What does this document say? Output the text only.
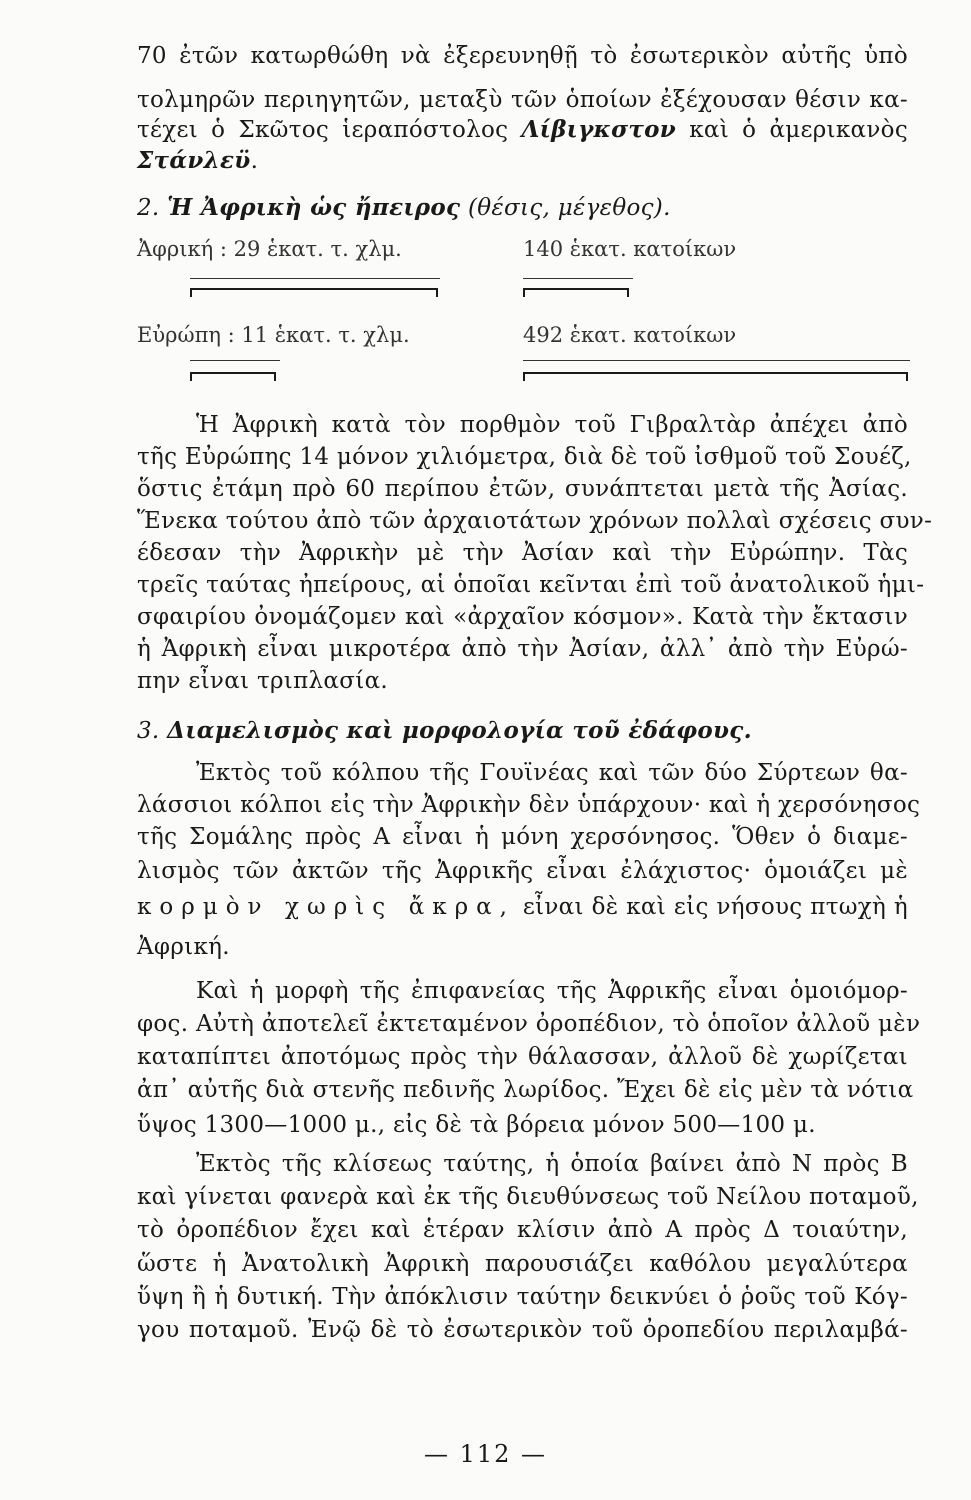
70 ἐτῶν κατωρθώθη νὰ ἐξερευνηθῇ τὸ ἐσωτερικὸν αὐτῆς ὑπὸ
τολμηρῶν περιηγητῶν, μεταξὺ τῶν ὁποίων ἐξέχουσαν θέσιν κα-
τέχει ὁ Σκῶτος ἱεραπόστολος Λίβιγκστον καὶ ὁ ἀμερικανὸς
Στάνλεϋ.
2. Ἡ Ἀφρικὴ ὡς ἤπειρος (θέσις, μέγεθος).
Ἀφρική : 29 ἑκατ. τ. χλμ.	140 ἑκατ. κατοίκων
Εὐρώπη : 11 ἑκατ. τ. χλμ.	492 ἑκατ. κατοίκων
Ἡ Ἀφρικὴ κατὰ τὸν πορθμὸν τοῦ Γιβραλτὰρ ἀπέχει ἀπὸ
τῆς Εὐρώπης 14 μόνον χιλιόμετρα, διὰ δὲ τοῦ ἰσθμοῦ τοῦ Σουέζ,
ὅστις ἐτάμη πρὸ 60 περίπου ἐτῶν, συνάπτεται μετὰ τῆς Ἀσίας.
Ἕνεκα τούτου ἀπὸ τῶν ἀρχαιοτάτων χρόνων πολλαὶ σχέσεις συν-
έδεσαν τὴν Ἀφρικὴν μὲ τὴν Ἀσίαν καὶ τὴν Εὐρώπην. Τὰς
τρεῖς ταύτας ἠπείρους, αἱ ὁποῖαι κεῖνται ἐπὶ τοῦ ἀνατολικοῦ ἡμι-
σφαιρίου ὀνομάζομεν καὶ «ἀρχαῖον κόσμον». Κατὰ τὴν ἔκτασιν
ἡ Ἀφρικὴ εἶναι μικροτέρα ἀπὸ τὴν Ἀσίαν, ἀλλ᾿ ἀπὸ τὴν Εὐρώ-
πην εἶναι τριπλασία.
3. Διαμελισμὸς καὶ μορφολογία τοῦ ἐδάφους.
Ἐκτὸς τοῦ κόλπου τῆς Γουϊνέας καὶ τῶν δύο Σύρτεων θα-
λάσσιοι κόλποι εἰς τὴν Ἀφρικὴν δὲν ὑπάρχουν· καὶ ἡ χερσόνησος
τῆς Σομάλης πρὸς Α εἶναι ἡ μόνη χερσόνησος. Ὅθεν ὁ διαμε-
λισμὸς τῶν ἀκτῶν τῆς Ἀφρικῆς εἶναι ἐλάχιστος· ὁμοιάζει μὲ
κορμὸν χωρὶς ἄκρα, εἶναι δὲ καὶ εἰς νήσους πτωχὴ ἡ
Ἀφρική.
Καὶ ἡ μορφὴ τῆς ἐπιφανείας τῆς Ἀφρικῆς εἶναι ὁμοιόμορ-
φος. Αὐτὴ ἀποτελεῖ ἐκτεταμένον ὀροπέδιον, τὸ ὁποῖον ἀλλοῦ μὲν
καταπίπτει ἀποτόμως πρὸς τὴν θάλασσαν, ἀλλοῦ δὲ χωρίζεται
ἀπ᾿ αὐτῆς διὰ στενῆς πεδινῆς λωρίδος. Ἔχει δὲ εἰς μὲν τὰ νότια
ὕψος 1300—1000 μ., εἰς δὲ τὰ βόρεια μόνον 500—100 μ.
Ἐκτὸς τῆς κλίσεως ταύτης, ἡ ὁποία βαίνει ἀπὸ Ν πρὸς Β
καὶ γίνεται φανερὰ καὶ ἐκ τῆς διευθύνσεως τοῦ Νείλου ποταμοῦ,
τὸ ὀροπέδιον ἔχει καὶ ἑτέραν κλίσιν ἀπὸ Α πρὸς Δ τοιαύτην,
ὥστε ἡ Ἀνατολικὴ Ἀφρικὴ παρουσιάζει καθόλου μεγαλύτερα
ὕψη ἢ ἡ δυτική. Τὴν ἀπόκλισιν ταύτην δεικνύει ὁ ῥοῦς τοῦ Κόγ-
γου ποταμοῦ. Ἐνῷ δὲ τὸ ἐσωτερικὸν τοῦ ὀροπεδίου περιλαμβά-
— 112 —
